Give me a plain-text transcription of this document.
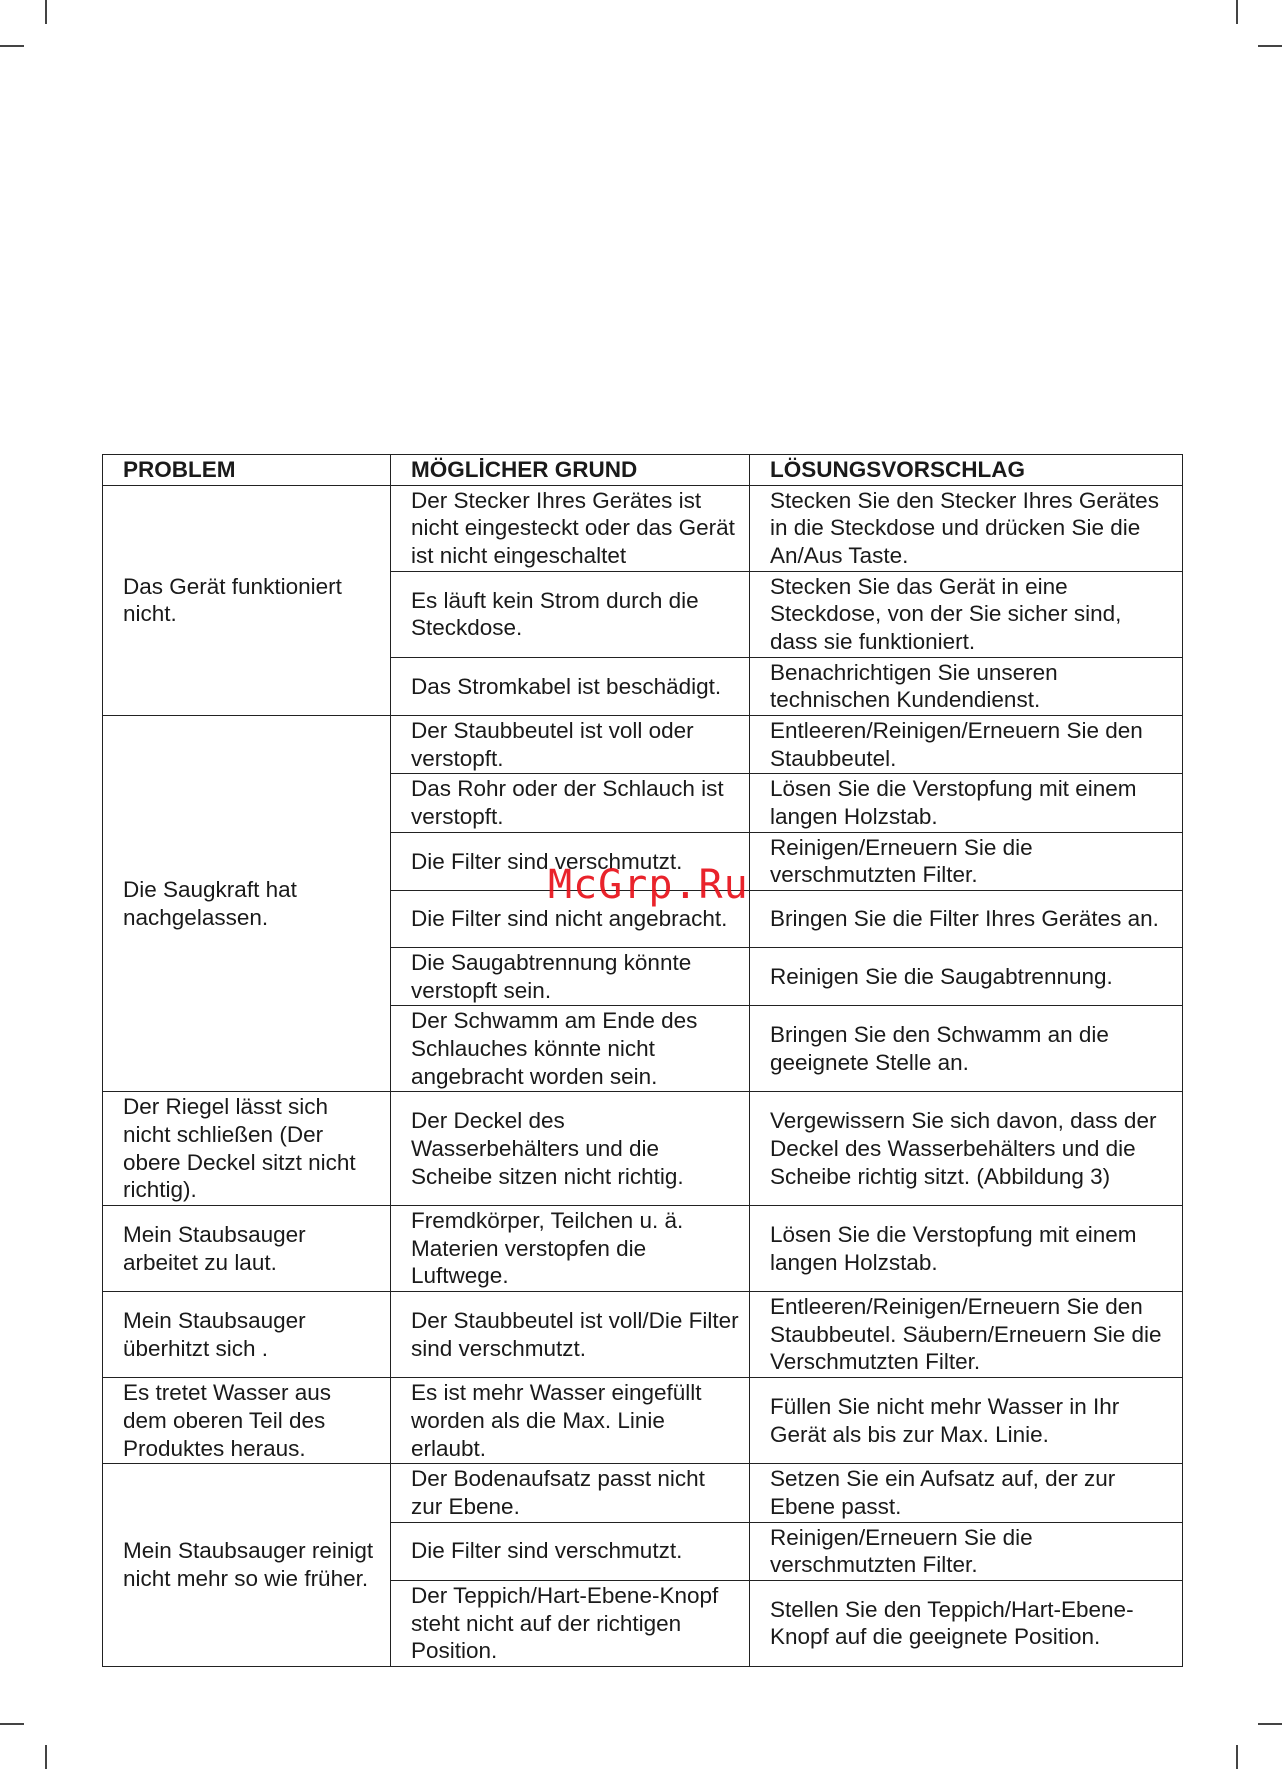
PROBLEM	MÖGLİCHER GRUND	LÖSUNGSVORSCHLAG
Das Gerät funktioniert nicht.	Der Stecker Ihres Gerätes ist nicht eingesteckt oder das Gerät ist nicht eingeschaltet	Stecken Sie den Stecker Ihres Gerätes in die Steckdose und drücken Sie die An/Aus Taste.
	Es läuft kein Strom durch die Steckdose.	Stecken Sie das Gerät in eine Steckdose, von der Sie sicher sind, dass sie funktioniert.
	Das Stromkabel ist beschädigt.	Benachrichtigen Sie unseren technischen Kundendienst.
Die Saugkraft hat nachgelassen.	Der Staubbeutel ist voll oder verstopft.	Entleeren/Reinigen/Erneuern Sie den Staubbeutel.
	Das Rohr oder der Schlauch ist verstopft.	Lösen Sie die Verstopfung mit einem langen Holzstab.
	Die Filter sind verschmutzt.	Reinigen/Erneuern Sie die verschmutzten Filter.
	Die Filter sind nicht angebracht.	Bringen Sie die Filter Ihres Gerätes an.
	Die Saugabtrennung könnte verstopft sein.	Reinigen Sie die Saugabtrennung.
	Der Schwamm am Ende des Schlauches könnte nicht angebracht worden sein.	Bringen Sie den Schwamm an die geeignete Stelle an.
Der Riegel lässt sich nicht schließen (Der obere Deckel sitzt nicht richtig).	Der Deckel des Wasserbehälters und die Scheibe sitzen nicht richtig.	Vergewissern Sie sich davon, dass der Deckel des Wasserbehälters und die Scheibe richtig sitzt. (Abbildung 3)
Mein Staubsauger arbeitet zu laut.	Fremdkörper, Teilchen u. ä. Materien verstopfen die Luftwege.	Lösen Sie die Verstopfung mit einem langen Holzstab.
Mein Staubsauger überhitzt sich .	Der Staubbeutel ist voll/Die Filter sind verschmutzt.	Entleeren/Reinigen/Erneuern Sie den Staubbeutel. Säubern/Erneuern Sie die Verschmutzten Filter.
Es tretet Wasser aus dem oberen Teil des Produktes heraus.	Es ist mehr Wasser eingefüllt worden als die Max. Linie erlaubt.	Füllen Sie nicht mehr Wasser in Ihr Gerät als bis zur Max. Linie.
Mein Staubsauger reinigt nicht mehr so wie früher.	Der Bodenaufsatz passt nicht zur Ebene.	Setzen Sie ein Aufsatz auf, der zur Ebene passt.
	Die Filter sind verschmutzt.	Reinigen/Erneuern Sie die verschmutzten Filter.
	Der Teppich/Hart-Ebene-Knopf steht nicht auf der richtigen Position.	Stellen Sie den Teppich/Hart-Ebene-Knopf auf die geeignete Position.
McGrp.Ru
